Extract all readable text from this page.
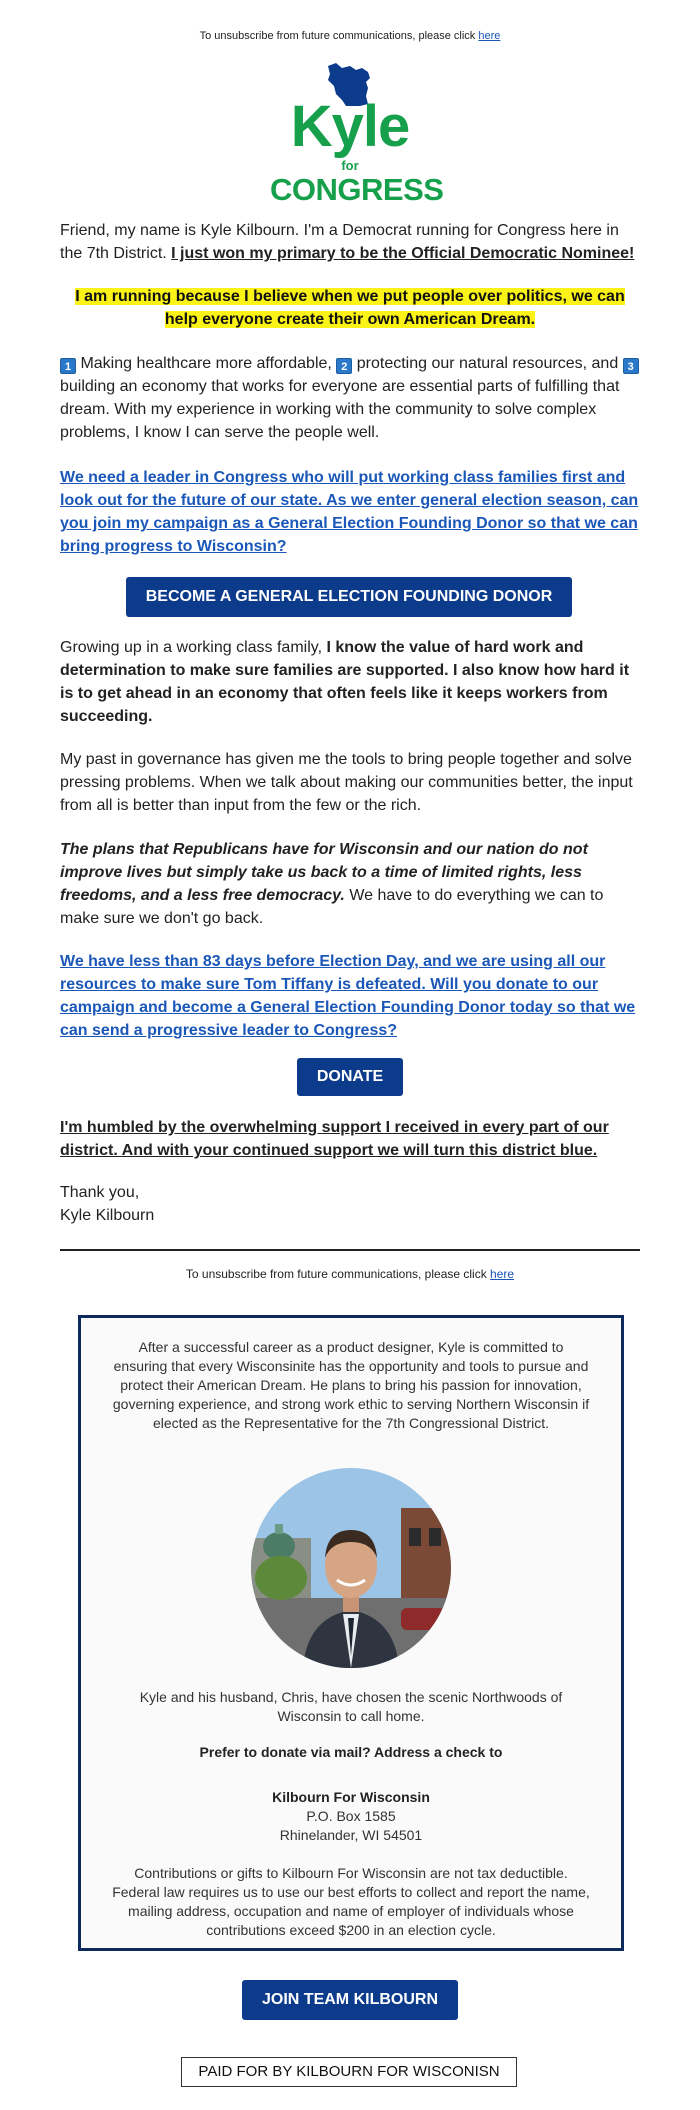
To unsubscribe from future communications, please click here
Kyle
for
CONGRESS
Friend, my name is Kyle Kilbourn. I'm a Democrat running for Congress here in the 7th District. I just won my primary to be the Official Democratic Nominee!
I am running because I believe when we put people over politics, we can help everyone create their own American Dream.
1 Making healthcare more affordable, 2 protecting our natural resources, and 3 building an economy that works for everyone are essential parts of fulfilling that dream. With my experience in working with the community to solve complex problems, I know I can serve the people well.
We need a leader in Congress who will put working class families first and look out for the future of our state. As we enter general election season, can you join my campaign as a General Election Founding Donor so that we can bring progress to Wisconsin?
BECOME A GENERAL ELECTION FOUNDING DONOR
Growing up in a working class family, I know the value of hard work and determination to make sure families are supported. I also know how hard it is to get ahead in an economy that often feels like it keeps workers from succeeding.
My past in governance has given me the tools to bring people together and solve pressing problems. When we talk about making our communities better, the input from all is better than input from the few or the rich.
The plans that Republicans have for Wisconsin and our nation do not improve lives but simply take us back to a time of limited rights, less freedoms, and a less free democracy. We have to do everything we can to make sure we don't go back.
We have less than 83 days before Election Day, and we are using all our resources to make sure Tom Tiffany is defeated. Will you donate to our campaign and become a General Election Founding Donor today so that we can send a progressive leader to Congress?
DONATE
I'm humbled by the overwhelming support I received in every part of our district. And with your continued support we will turn this district blue.
Thank you,
Kyle Kilbourn
To unsubscribe from future communications, please click here
After a successful career as a product designer, Kyle is committed to ensuring that every Wisconsinite has the opportunity and tools to pursue and protect their American Dream. He plans to bring his passion for innovation, governing experience, and strong work ethic to serving Northern Wisconsin if elected as the Representative for the 7th Congressional District.
Kyle and his husband, Chris, have chosen the scenic Northwoods of Wisconsin to call home.
Prefer to donate via mail? Address a check to
Kilbourn For Wisconsin
P.O. Box 1585
Rhinelander, WI 54501
Contributions or gifts to Kilbourn For Wisconsin are not tax deductible. Federal law requires us to use our best efforts to collect and report the name, mailing address, occupation and name of employer of individuals whose contributions exceed $200 in an election cycle.
JOIN TEAM KILBOURN
PAID FOR BY KILBOURN FOR WISCONISN
